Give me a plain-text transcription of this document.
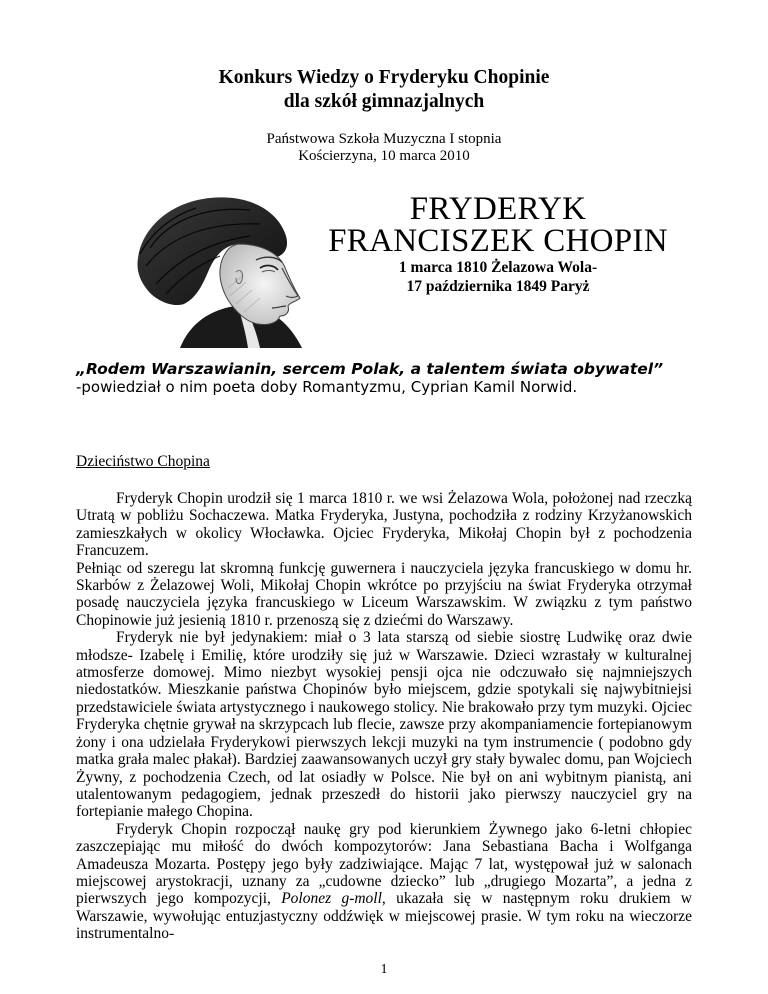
Konkurs Wiedzy o Fryderyku Chopinie
dla szkół gimnazjalnych
Państwowa Szkoła Muzyczna I stopnia
Kościerzyna, 10 marca 2010
FRYDERYK
FRANCISZEK CHOPIN
1 marca 1810 Żelazowa Wola-
17 października 1849 Paryż
„Rodem Warszawianin, sercem Polak, a talentem świata obywatel”
-powiedział o nim poeta doby Romantyzmu, Cyprian Kamil Norwid.
Dzieciństwo Chopina

Fryderyk Chopin urodził się 1 marca 1810 r. we wsi Żelazowa Wola, położonej nad rzeczką Utratą w pobliżu Sochaczewa. Matka Fryderyka, Justyna, pochodziła z rodziny Krzyżanowskich zamieszkałych w okolicy Włocławka. Ojciec Fryderyka, Mikołaj Chopin był z pochodzenia Francuzem.

Pełniąc od szeregu lat skromną funkcję guwernera i nauczyciela języka francuskiego w domu hr. Skarbów z Żelazowej Woli, Mikołaj Chopin wkrótce po przyjściu na świat Fryderyka otrzymał posadę nauczyciela języka francuskiego w Liceum Warszawskim. W związku z tym państwo Chopinowie już jesienią 1810 r. przenoszą się z dziećmi do Warszawy.

Fryderyk nie był jedynakiem: miał o 3 lata starszą od siebie siostrę Ludwikę oraz dwie młodsze- Izabelę i Emilię, które urodziły się już w Warszawie. Dzieci wzrastały w kulturalnej atmosferze domowej. Mimo niezbyt wysokiej pensji ojca nie odczuwało się najmniejszych niedostatków. Mieszkanie państwa Chopinów było miejscem, gdzie spotykali się najwybitniejsi przedstawiciele świata artystycznego i naukowego stolicy. Nie brakowało przy tym muzyki. Ojciec Fryderyka chętnie grywał na skrzypcach lub flecie, zawsze przy akompaniamencie fortepianowym żony i ona udzielała Fryderykowi pierwszych lekcji muzyki na tym instrumencie ( podobno gdy matka grała malec płakał). Bardziej zaawansowanych uczył gry stały bywalec domu, pan Wojciech Żywny, z pochodzenia Czech, od lat osiadły w Polsce. Nie był on ani wybitnym pianistą, ani utalentowanym pedagogiem, jednak przeszedł do historii jako pierwszy nauczyciel gry na fortepianie małego Chopina.

Fryderyk Chopin rozpoczął naukę gry pod kierunkiem Żywnego jako 6-letni chłopiec zaszczepiając mu miłość do dwóch kompozytorów: Jana Sebastiana Bacha i Wolfganga Amadeusza Mozarta. Postępy jego były zadziwiające. Mając 7 lat, występował już w salonach miejscowej arystokracji, uznany za „cudowne dziecko” lub „drugiego Mozarta”, a jedna z pierwszych jego kompozycji, Polonez g-moll, ukazała się w następnym roku drukiem w Warszawie, wywołując entuzjastyczny oddźwięk w miejscowej prasie. W tym roku na wieczorze instrumentalno-

1
